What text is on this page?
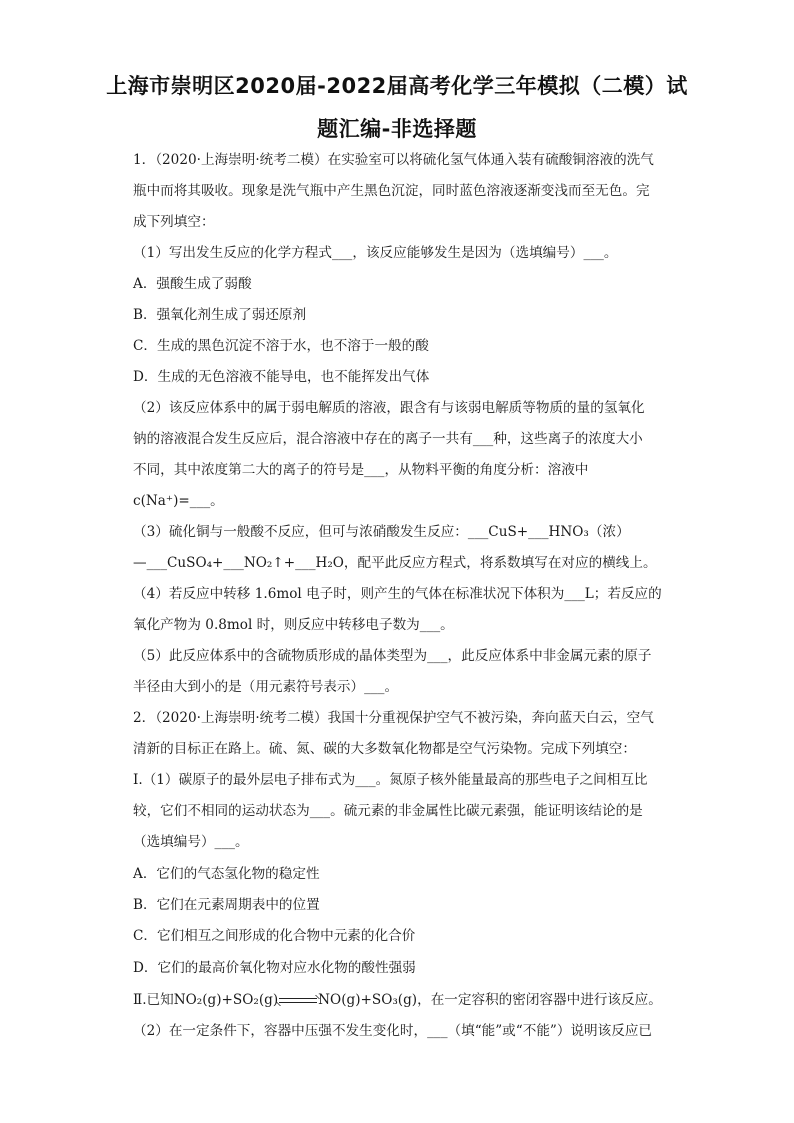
上海市崇明区2020届-2022届高考化学三年模拟（二模）试
题汇编-非选择题
1．（2020·上海崇明·统考二模）在实验室可以将硫化氢气体通入装有硫酸铜溶液的洗气
瓶中而将其吸收。现象是洗气瓶中产生黑色沉淀，同时蓝色溶液逐渐变浅而至无色。完
成下列填空：
（1）写出发生反应的化学方程式___，该反应能够发生是因为（选填编号）___。
A．强酸生成了弱酸
B．强氧化剂生成了弱还原剂
C．生成的黑色沉淀不溶于水，也不溶于一般的酸
D．生成的无色溶液不能导电，也不能挥发出气体
（2）该反应体系中的属于弱电解质的溶液，跟含有与该弱电解质等物质的量的氢氧化
钠的溶液混合发生反应后，混合溶液中存在的离子一共有___种，这些离子的浓度大小
不同，其中浓度第二大的离子的符号是___，从物料平衡的角度分析：溶液中
c(Na⁺)=___。
（3）硫化铜与一般酸不反应，但可与浓硝酸发生反应：___CuS+___HNO₃（浓）
—___CuSO₄+___NO₂↑+___H₂O，配平此反应方程式，将系数填写在对应的横线上。
（4）若反应中转移 1.6mol 电子时，则产生的气体在标准状况下体积为___L；若反应的
氧化产物为 0.8mol 时，则反应中转移电子数为___。
（5）此反应体系中的含硫物质形成的晶体类型为___，此反应体系中非金属元素的原子
半径由大到小的是（用元素符号表示）___。
2．（2020·上海崇明·统考二模）我国十分重视保护空气不被污染，奔向蓝天白云，空气
清新的目标正在路上。硫、氮、碳的大多数氧化物都是空气污染物。完成下列填空：
I.（1）碳原子的最外层电子排布式为___。氮原子核外能量最高的那些电子之间相互比
较，它们不相同的运动状态为___。硫元素的非金属性比碳元素强，能证明该结论的是
（选填编号）___。
A．它们的气态氢化物的稳定性
B．它们在元素周期表中的位置
C．它们相互之间形成的化合物中元素的化合价
D．它们的最高价氧化物对应水化物的酸性强弱
Ⅱ.已知NO₂(g)+SO₂(g)	NO(g)+SO₃(g)，在一定容积的密闭容器中进行该反应。
（2）在一定条件下，容器中压强不发生变化时，___（填“能”或“不能”）说明该反应已
